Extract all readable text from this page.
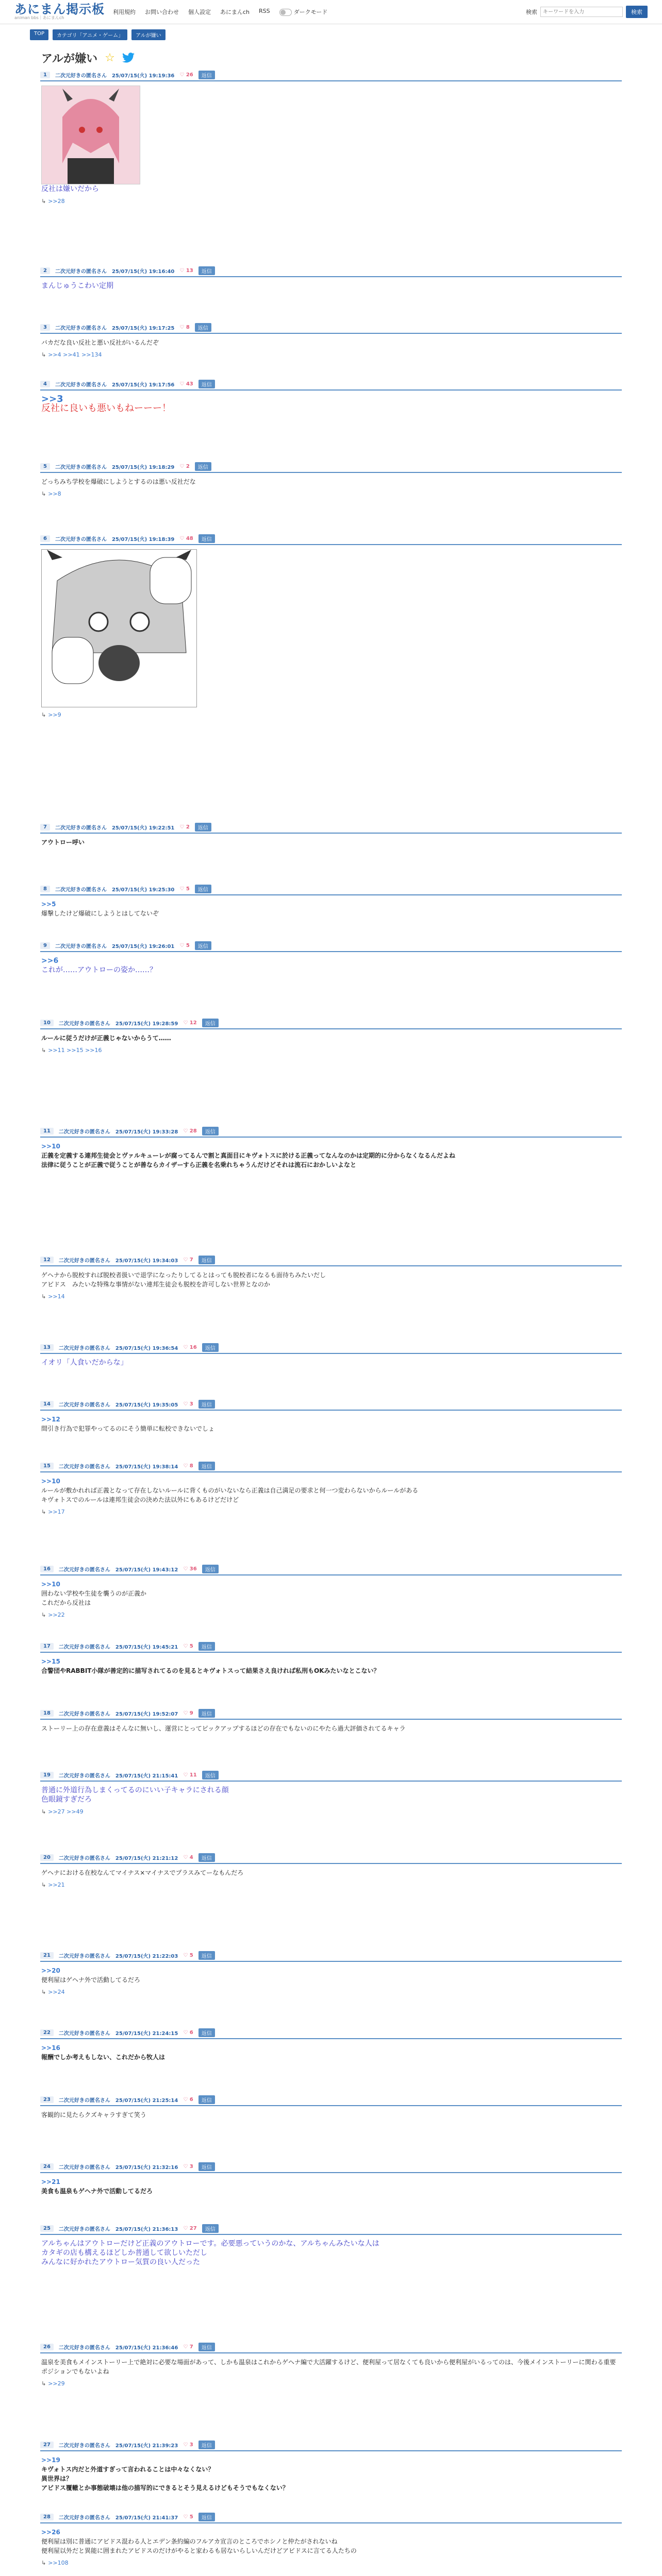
あにまん掲示板
animan bbs｜あにまんch
利用規約 お問い合わせ 個人設定 あにまんch RSS	ダークモード	検索
キーワードを入力	検索
TOP	カテゴリ「アニメ・ゲーム」	アルが嫌い
アルが嫌い ☆
1	二次元好きの匿名さん 25/07/15(火) 19:19:36 ♡ 26	返信
反社は嫌いだから
↳ >>28
2	二次元好きの匿名さん 25/07/15(火) 19:16:40 ♡ 13	返信
まんじゅうこわい定期
3	二次元好きの匿名さん 25/07/15(火) 19:17:25 ♡ 8	返信
バカだな良い反社と悪い反社がいるんだぞ
↳ >>4 >>41 >>134
4	二次元好きの匿名さん 25/07/15(火) 19:17:56 ♡ 43	返信
>>3
反社に良いも悪いもねーーー！
5	二次元好きの匿名さん 25/07/15(火) 19:18:29 ♡ 2	返信
どっちみち学校を爆破にしようとするのは悪い反社だな
↳ >>8
6	二次元好きの匿名さん 25/07/15(火) 19:18:39 ♡ 48	返信
↳ >>9
7	二次元好きの匿名さん 25/07/15(火) 19:22:51 ♡ 2	返信
アウトロー呼い
8	二次元好きの匿名さん 25/07/15(火) 19:25:30 ♡ 5	返信
>>5
爆撃したけど爆破にしようとはしてないぞ
9	二次元好きの匿名さん 25/07/15(火) 19:26:01 ♡ 5	返信
>>6
これが……アウトローの姿か……？
10	二次元好きの匿名さん 25/07/15(火) 19:28:59 ♡ 12	返信
ルールに従うだけが正義じゃないからうて……
↳ >>11 >>15 >>16
11	二次元好きの匿名さん 25/07/15(火) 19:33:28 ♡ 28	返信
>>10
正義を定義する連邦生徒会とヴァルキューレが腐ってるんで割と真面目にキヴォトスに於ける正義ってなんなのかは定期的に分からなくなるんだよね
法律に従うことが正義で従うことが善ならカイザーすら正義を名乗れちゃうんだけどそれは流石におかしいよなと
12	二次元好きの匿名さん 25/07/15(火) 19:34:03 ♡ 7	返信
ゲヘナから脱校すれば脱校者扱いで退学になったりしてるとはっても脱校者になるも面待ちみたいだし
アビドス　みたいな特殊な事情がない連邦生徒会も脱校を許可しない世界となのか
↳ >>14
13	二次元好きの匿名さん 25/07/15(火) 19:36:54 ♡ 16	返信
イオリ「人食いだからな」
14	二次元好きの匿名さん 25/07/15(火) 19:35:05 ♡ 3	返信
>>12
間引き行為で犯罪やってるのにそう簡単に転校できないでしょ
15	二次元好きの匿名さん 25/07/15(火) 19:38:14 ♡ 8	返信
>>10
ルールが敷かれれば正義となって存在しないルールに背くものがいないなら正義は自己満足の要求と何一つ変わらないからルールがある
キヴォトスでのルールは連邦生徒会の決めた法以外にもあるけどだけど
↳ >>17
16	二次元好きの匿名さん 25/07/15(火) 19:43:12 ♡ 36	返信
>>10
囲わない学校や生徒を襲うのが正義か
これだから反社は
↳ >>22
17	二次元好きの匿名さん 25/07/15(火) 19:45:21 ♡ 5	返信
>>15
合警団やRABBIT小隊が善定的に描写されてるのを見るとキヴォトスって結果さえ良ければ私刑もOKみたいなとこない？
18	二次元好きの匿名さん 25/07/15(火) 19:52:07 ♡ 9	返信
ストーリー上の存在意義はそんなに無いし、運営にとってピックアップするほどの存在でもないのにやたら過大評価されてるキャラ
19	二次元好きの匿名さん 25/07/15(火) 21:15:41 ♡ 11	返信
普通に外道行為しまくってるのにいい子キャラにされる顔
色眼鏡すぎだろ
↳ >>27 >>49
20	二次元好きの匿名さん 25/07/15(火) 21:21:12 ♡ 4	返信
ゲヘナにおける在校なんてマイナス×マイナスでプラスみてーなもんだろ
↳ >>21
21	二次元好きの匿名さん 25/07/15(火) 21:22:03 ♡ 5	返信
>>20
便利屋はゲヘナ外で活動してるだろ
↳ >>24
22	二次元好きの匿名さん 25/07/15(火) 21:24:15 ♡ 6	返信
>>16
報酬でしか考えもしない、これだから牧人は
23	二次元好きの匿名さん 25/07/15(火) 21:25:14 ♡ 6	返信
客観的に見たらクズキャラすぎて笑う
24	二次元好きの匿名さん 25/07/15(火) 21:32:16 ♡ 3	返信
>>21
美食も温泉もゲヘナ外で活動してるだろ
25	二次元好きの匿名さん 25/07/15(火) 21:36:13 ♡ 27	返信
アルちゃんはアウトローだけど正義のアウトローです。必要悪っていうのかな、アルちゃんみたいな人は
カタギの店も構えるほどしか普通して欲しいただし
みんなに好かれたアウトロー気質の良い人だった
26	二次元好きの匿名さん 25/07/15(火) 21:36:46 ♡ 7	返信
温泉を美食もメインストーリー上で絶対に必要な場面があって、しかも温泉はこれからゲヘナ編で大活躍するけど、便利屋って居なくても良いから便利屋がいるってのは、今後メインストーリーに関わる重要ポジションでもないよね
↳ >>29
27	二次元好きの匿名さん 25/07/15(火) 21:39:23 ♡ 3	返信
>>19
キヴォトス内だと外道すぎって言われることは中々なくない？
異世界は？
アビドス覆轍とか事態破壊は他の描写的にできるとそう見えるけどもそうでもなくない？
28	二次元好きの匿名さん 25/07/15(火) 21:41:37 ♡ 5	返信
>>26
便利屋は別に普通にアビドス混わる人とエデン条約編のフルアカ宣言のところでホシノと仲たがされないね
便利屋以外だと異能に囲まれたアビドスのだけがやると家わるも居ないらしいんだけどアビドスに言てる人たちの
↳ >>108
